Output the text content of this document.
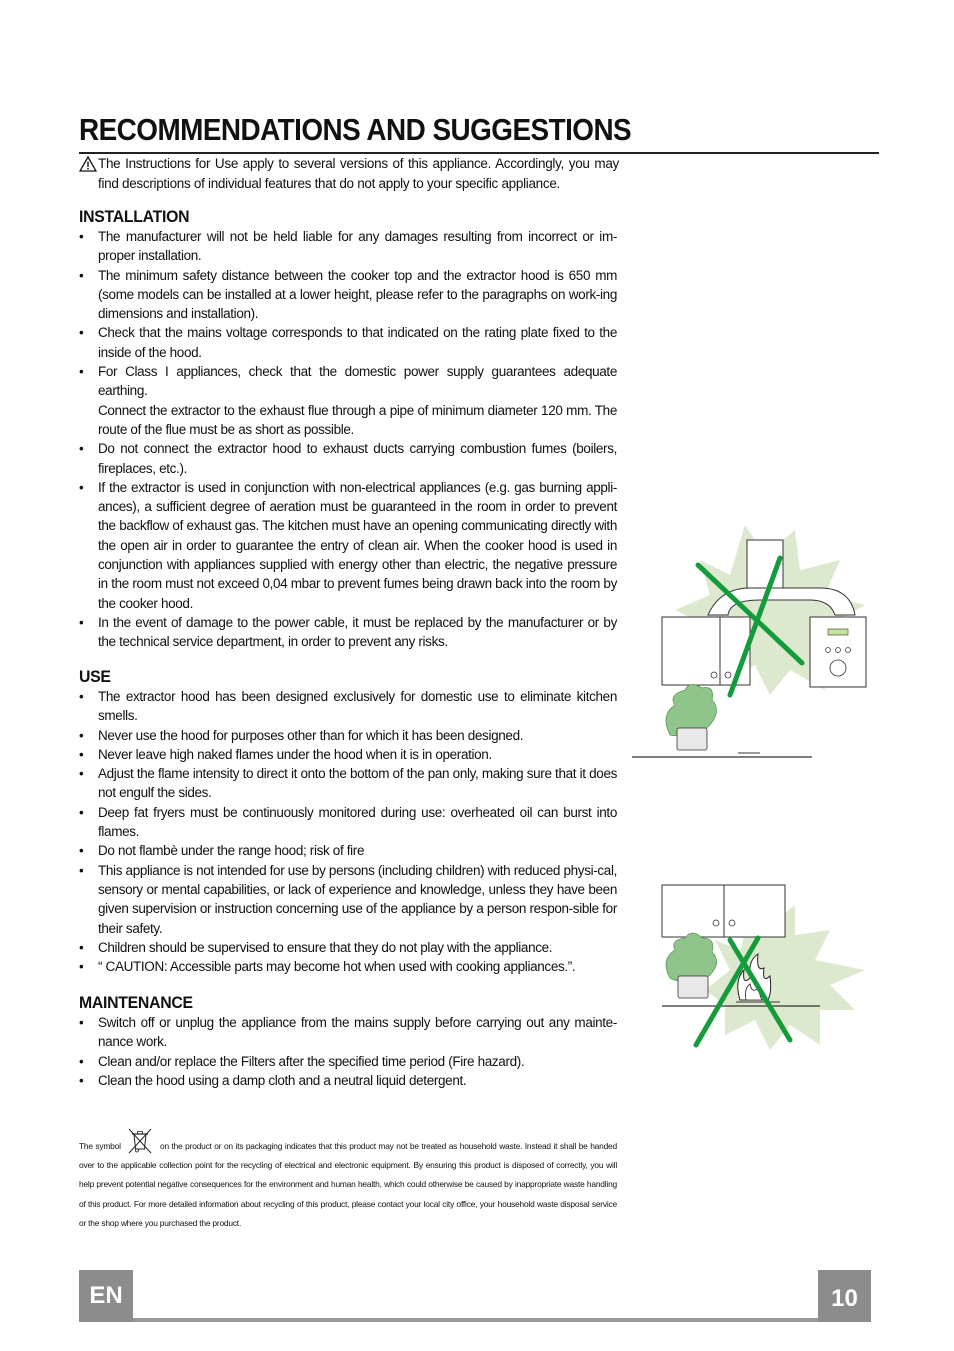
RECOMMENDATIONS AND SUGGESTIONS

The Instructions for Use apply to several versions of this appliance. Accordingly, you may find descriptions of individual features that do not apply to your specific appliance.

INSTALLATION
• The manufacturer will not be held liable for any damages resulting from incorrect or im-proper installation.
• The minimum safety distance between the cooker top and the extractor hood is 650 mm (some models can be installed at a lower height, please refer to the paragraphs on work-ing dimensions and installation).
• Check that the mains voltage corresponds to that indicated on the rating plate fixed to the inside of the hood.
• For Class I appliances, check that the domestic power supply guarantees adequate earthing.
Connect the extractor to the exhaust flue through a pipe of minimum diameter 120 mm. The route of the flue must be as short as possible.
• Do not connect the extractor hood to exhaust ducts carrying combustion fumes (boilers, fireplaces, etc.).
• If the extractor is used in conjunction with non-electrical appliances (e.g. gas burning appli-ances), a sufficient degree of aeration must be guaranteed in the room in order to prevent the backflow of exhaust gas. The kitchen must have an opening communicating directly with the open air in order to guarantee the entry of clean air. When the cooker hood is used in conjunction with appliances supplied with energy other than electric, the negative pressure in the room must not exceed 0,04 mbar to prevent fumes being drawn back into the room by the cooker hood.
• In the event of damage to the power cable, it must be replaced by the manufacturer or by the technical service department, in order to prevent any risks.
USE
• The extractor hood has been designed exclusively for domestic use to eliminate kitchen smells.
• Never use the hood for purposes other than for which it has been designed.
• Never leave high naked flames under the hood when it is in operation.
• Adjust the flame intensity to direct it onto the bottom of the pan only, making sure that it does not engulf the sides.
• Deep fat fryers must be continuously monitored during use: overheated oil can burst into flames.
• Do not flambè under the range hood; risk of fire
• This appliance is not intended for use by persons (including children) with reduced physi-cal, sensory or mental capabilities, or lack of experience and knowledge, unless they have been given supervision or instruction concerning use of the appliance by a person respon-sible for their safety.
• Children should be supervised to ensure that they do not play with the appliance.
• “ CAUTION: Accessible parts may become hot when used with cooking appliances.”.
MAINTENANCE
• Switch off or unplug the appliance from the mains supply before carrying out any mainte-nance work.
• Clean and/or replace the Filters after the specified time period (Fire hazard).
• Clean the hood using a damp cloth and a neutral liquid detergent.
The symbol	on the product or on its packaging indicates that this product may not be treated as household waste. Instead it shall be handed over to the applicable collection point for the recycling of electrical and electronic equipment. By ensuring this product is disposed of correctly, you will help prevent potential negative consequences for the environment and human health, which could otherwise be caused by inappropriate waste handling of this product. For more detailed information about recycling of this product, please contact your local city office, your household waste disposal service or the shop where you purchased the product.
EN	10
